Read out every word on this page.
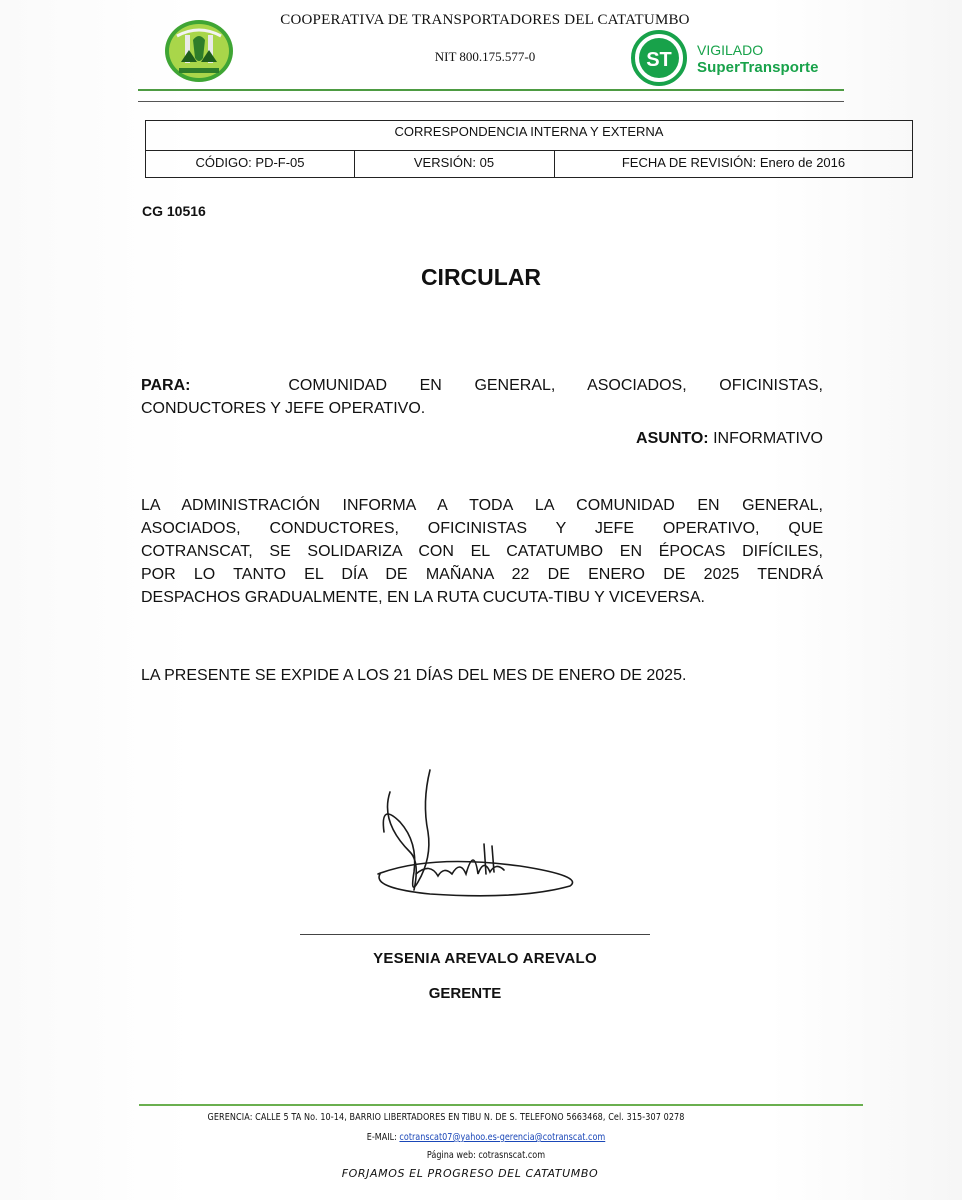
COOPERATIVA DE TRANSPORTADORES DEL CATATUMBO
NIT 800.175.577-0	ST VIGILADO
SuperTransporte
CORRESPONDENCIA INTERNA Y EXTERNA
CÓDIGO: PD-F-05	VERSIÓN: 05	FECHA DE REVISIÓN: Enero de 2016
CG 10516
CIRCULAR
PARA:	COMUNIDAD EN GENERAL, ASOCIADOS, OFICINISTAS,
CONDUCTORES Y JEFE OPERATIVO.
ASUNTO: INFORMATIVO
LA ADMINISTRACIÓN INFORMA A TODA LA COMUNIDAD EN GENERAL,
ASOCIADOS, CONDUCTORES, OFICINISTAS Y JEFE OPERATIVO, QUE
COTRANSCAT, SE SOLIDARIZA CON EL CATATUMBO EN ÉPOCAS DIFÍCILES,
POR LO TANTO EL DÍA DE MAÑANA 22 DE ENERO DE 2025 TENDRÁ
DESPACHOS GRADUALMENTE, EN LA RUTA CUCUTA-TIBU Y VICEVERSA.
LA PRESENTE SE EXPIDE A LOS 21 DÍAS DEL MES DE ENERO DE 2025.
YESENIA AREVALO AREVALO
GERENTE
GERENCIA: CALLE 5 TA No. 10-14, BARRIO LIBERTADORES EN TIBU N. DE S. TELEFONO 5663468, Cel. 315-307 0278
E-MAIL: cotranscat07@yahoo.es-gerencia@cotranscat.com
Página web: cotrasnscat.com
FORJAMOS EL PROGRESO DEL CATATUMBO
